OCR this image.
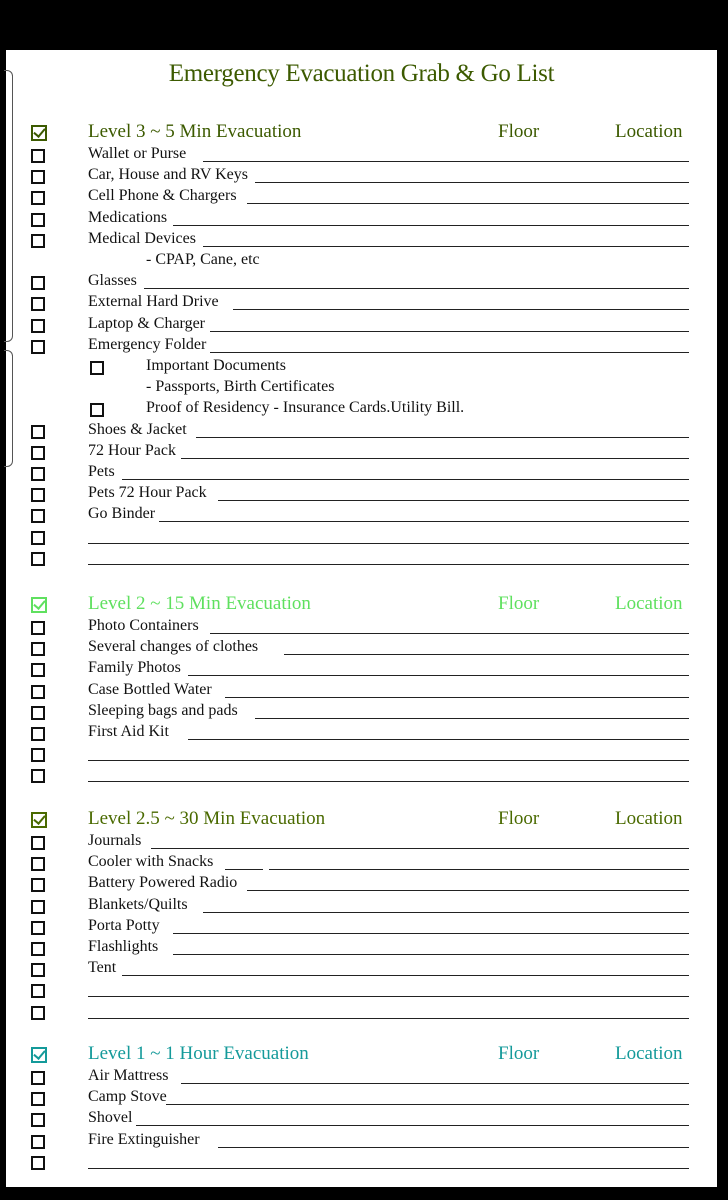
Emergency Evacuation Grab & Go List
Level 3 ~ 5 Min Evacuation	Floor	Location
Wallet or Purse
Car, House and RV Keys
Cell Phone & Chargers
Medications
Medical Devices
- CPAP, Cane, etc
Glasses
External Hard Drive
Laptop & Charger
Emergency Folder
Important Documents
- Passports, Birth Certificates
Proof of Residency - Insurance Cards.Utility Bill.
Shoes & Jacket
72 Hour Pack
Pets
Pets 72 Hour Pack
Go Binder
Level 2 ~ 15 Min Evacuation	Floor	Location
Photo Containers
Several changes of clothes
Family Photos
Case Bottled Water
Sleeping bags and pads
First Aid Kit
Level 2.5 ~ 30 Min Evacuation	Floor	Location
Journals
Cooler with Snacks
Battery Powered Radio
Blankets/Quilts
Porta Potty
Flashlights
Tent
Level 1 ~ 1 Hour Evacuation	Floor	Location
Air Mattress
Camp Stove
Shovel
Fire Extinguisher
